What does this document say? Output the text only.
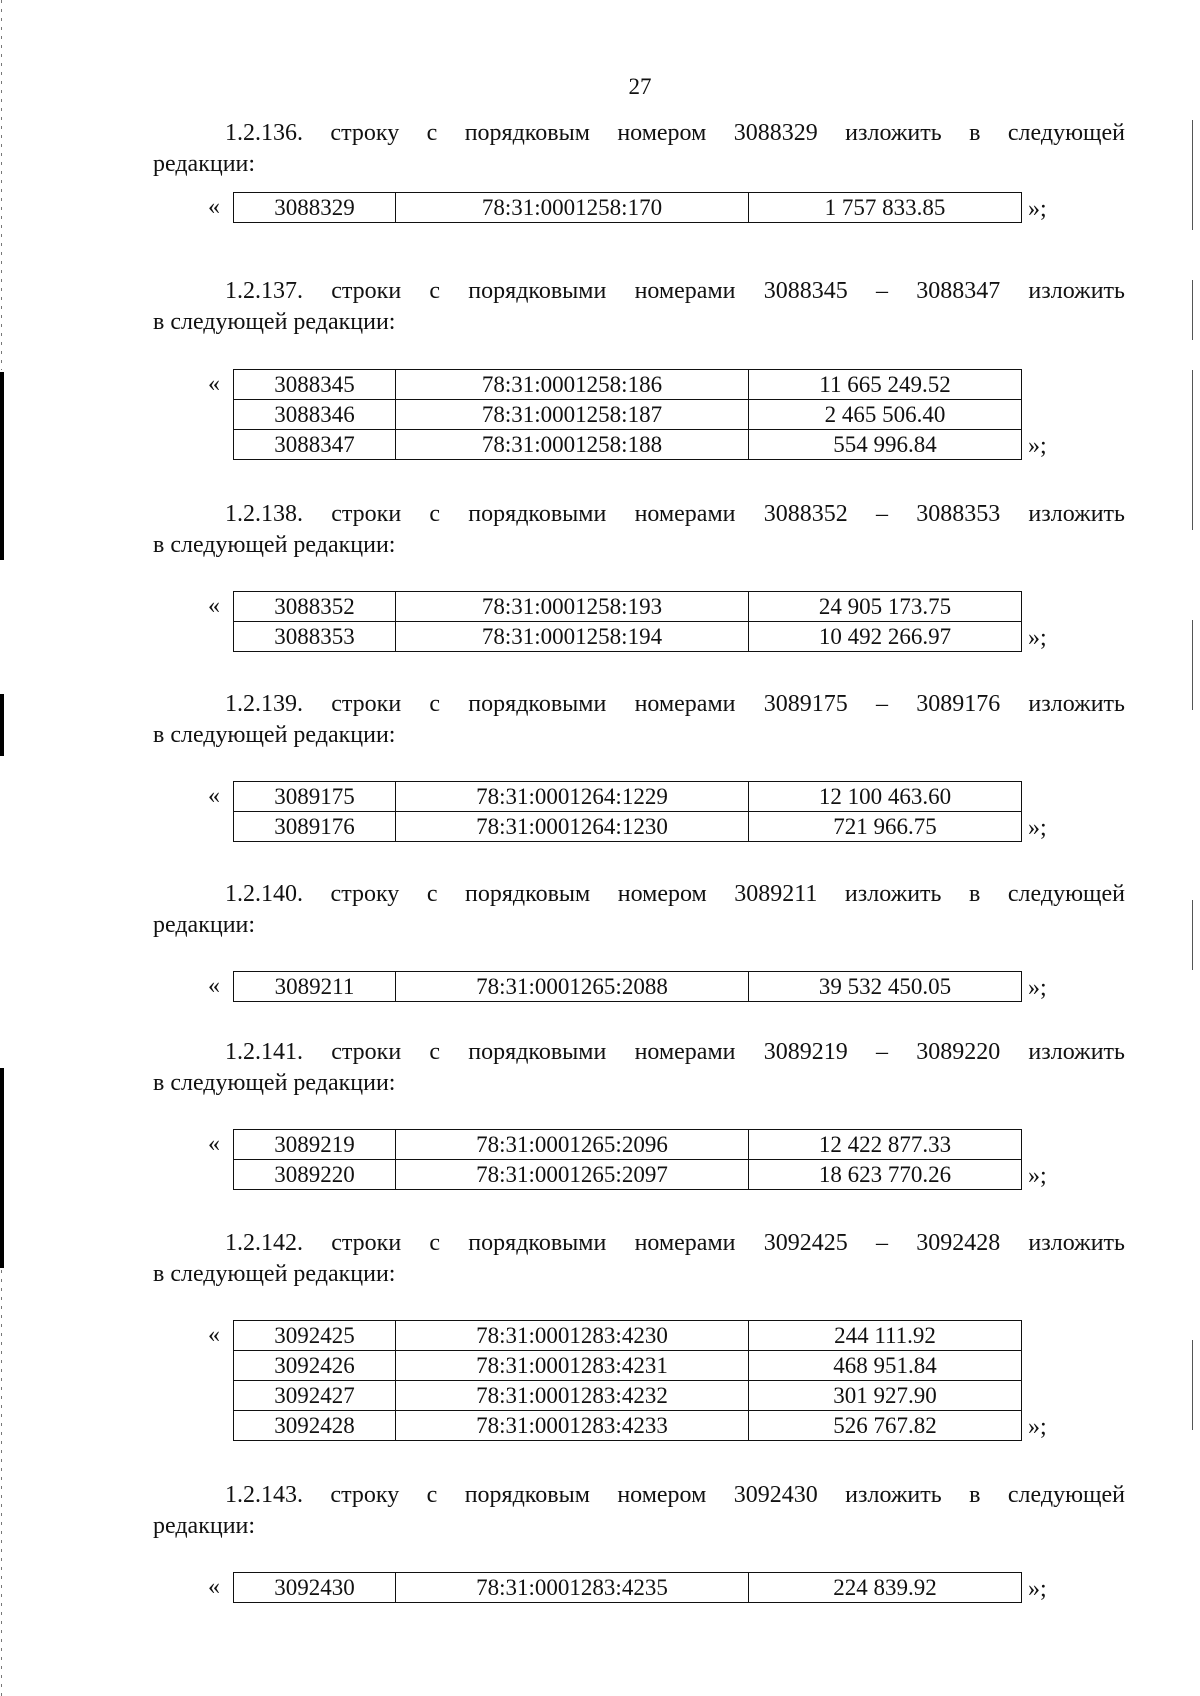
27
1.2.136. строку с порядковым номером 3088329 изложить в следующей
редакции:
« 3088329	78:31:0001258:170	1 757 833.85	»;
1.2.137. строки с порядковыми номерами 3088345 – 3088347 изложить
в следующей редакции:
« 3088345	78:31:0001258:186	11 665 249.52
3088346	78:31:0001258:187	2 465 506.40
3088347	78:31:0001258:188	554 996.84	»;
1.2.138. строки с порядковыми номерами 3088352 – 3088353 изложить
в следующей редакции:
« 3088352	78:31:0001258:193	24 905 173.75
3088353	78:31:0001258:194	10 492 266.97	»;
1.2.139. строки с порядковыми номерами 3089175 – 3089176 изложить
в следующей редакции:
« 3089175	78:31:0001264:1229	12 100 463.60
3089176	78:31:0001264:1230	721 966.75	»;
1.2.140. строку с порядковым номером 3089211 изложить в следующей
редакции:
« 3089211	78:31:0001265:2088	39 532 450.05	»;
1.2.141. строки с порядковыми номерами 3089219 – 3089220 изложить
в следующей редакции:
« 3089219	78:31:0001265:2096	12 422 877.33
3089220	78:31:0001265:2097	18 623 770.26	»;
1.2.142. строки с порядковыми номерами 3092425 – 3092428 изложить
в следующей редакции:
« 3092425	78:31:0001283:4230	244 111.92
3092426	78:31:0001283:4231	468 951.84
3092427	78:31:0001283:4232	301 927.90
3092428	78:31:0001283:4233	526 767.82	»;
1.2.143. строку с порядковым номером 3092430 изложить в следующей
редакции:
« 3092430	78:31:0001283:4235	224 839.92	»;
